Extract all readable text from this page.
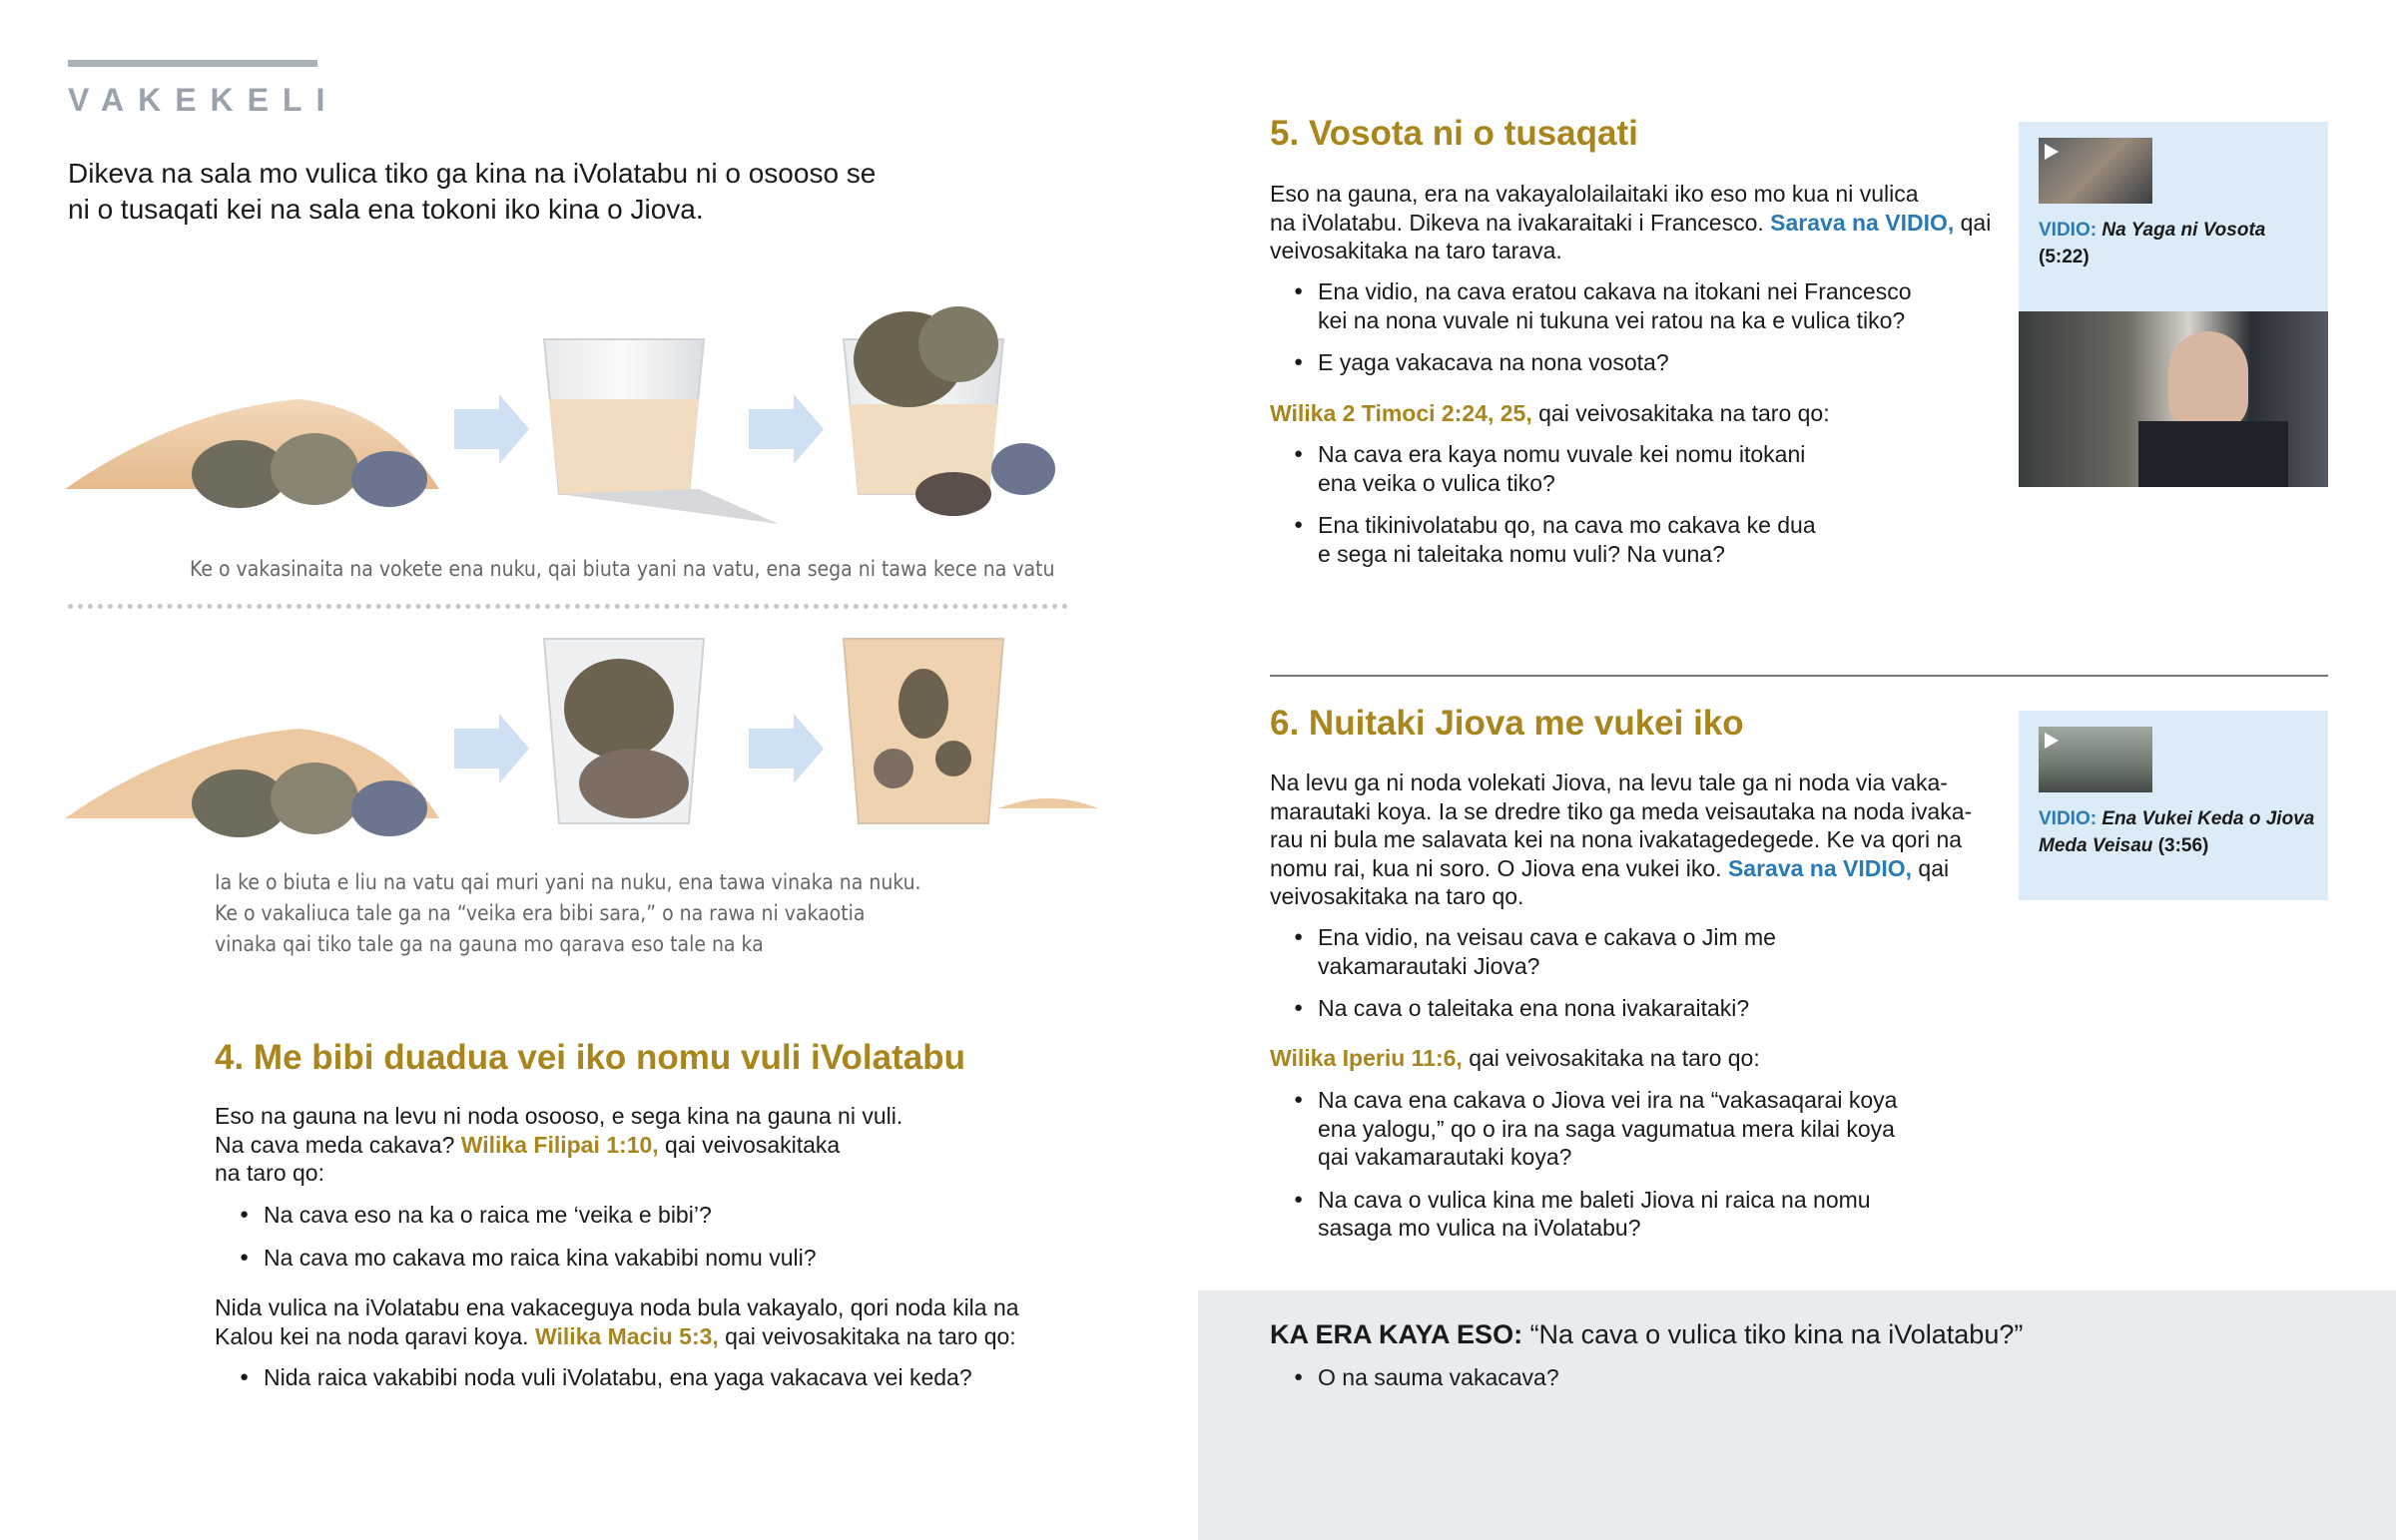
VAKEKELI
Dikeva na sala mo vulica tiko ga kina na iVolatabu ni o osooso se ni o tusaqati kei na sala ena tokoni iko kina o Jiova.
Ke o vakasinaita na vokete ena nuku, qai biuta yani na vatu, ena sega ni tawa kece na vatu
Ia ke o biuta e liu na vatu qai muri yani na nuku, ena tawa vinaka na nuku.
Ke o vakaliuca tale ga na “veika era bibi sara,” o na rawa ni vakaotia
vinaka qai tiko tale ga na gauna mo qarava eso tale na ka
4. Me bibi duadua vei iko nomu vuli iVolatabu
Eso na gauna na levu ni noda osooso, e sega kina na gauna ni vuli.
Na cava meda cakava? Wilika Filipai 1:10, qai veivosakitaka
na taro qo:
● Na cava eso na ka o raica me ‘veika e bibi’?
● Na cava mo cakava mo raica kina vakabibi nomu vuli?
Nida vulica na iVolatabu ena vakaceguya noda bula vakayalo, qori noda kila na
Kalou kei na noda qaravi koya. Wilika Maciu 5:3, qai veivosakitaka na taro qo:
● Nida raica vakabibi noda vuli iVolatabu, ena yaga vakacava vei keda?
5. Vosota ni o tusaqati
Eso na gauna, era na vakayalolailaitaki iko eso mo kua ni vulica
na iVolatabu. Dikeva na ivakaraitaki i Francesco. Sarava na VIDIO, qai
veivosakitaka na taro tarava.
● Ena vidio, na cava eratou cakava na itokani nei Francesco
kei na nona vuvale ni tukuna vei ratou na ka e vulica tiko?
● E yaga vakacava na nona vosota?
Wilika 2 Timoci 2:24, 25, qai veivosakitaka na taro qo:
● Na cava era kaya nomu vuvale kei nomu itokani
ena veika o vulica tiko?
● Ena tikinivolatabu qo, na cava mo cakava ke dua
e sega ni taleitaka nomu vuli? Na vuna?
VIDIO: Na Yaga ni Vosota
(5:22)
6. Nuitaki Jiova me vukei iko
Na levu ga ni noda volekati Jiova, na levu tale ga ni noda via vaka-
marautaki koya. Ia se dredre tiko ga meda veisautaka na noda ivaka-
rau ni bula me salavata kei na nona ivakatagedegede. Ke va qori na
nomu rai, kua ni soro. O Jiova ena vukei iko. Sarava na VIDIO, qai
veivosakitaka na taro qo.
● Ena vidio, na veisau cava e cakava o Jim me
vakamarautaki Jiova?
● Na cava o taleitaka ena nona ivakaraitaki?
Wilika Iperiu 11:6, qai veivosakitaka na taro qo:
● Na cava ena cakava o Jiova vei ira na “vakasaqarai koya
ena yalogu,” qo o ira na saga vagumatua mera kilai koya
qai vakamarautaki koya?
● Na cava o vulica kina me baleti Jiova ni raica na nomu
sasaga mo vulica na iVolatabu?
VIDIO: Ena Vukei Keda o Jiova
Meda Veisau (3:56)
KA ERA KAYA ESO: “Na cava o vulica tiko kina na iVolatabu?”
● O na sauma vakacava?
